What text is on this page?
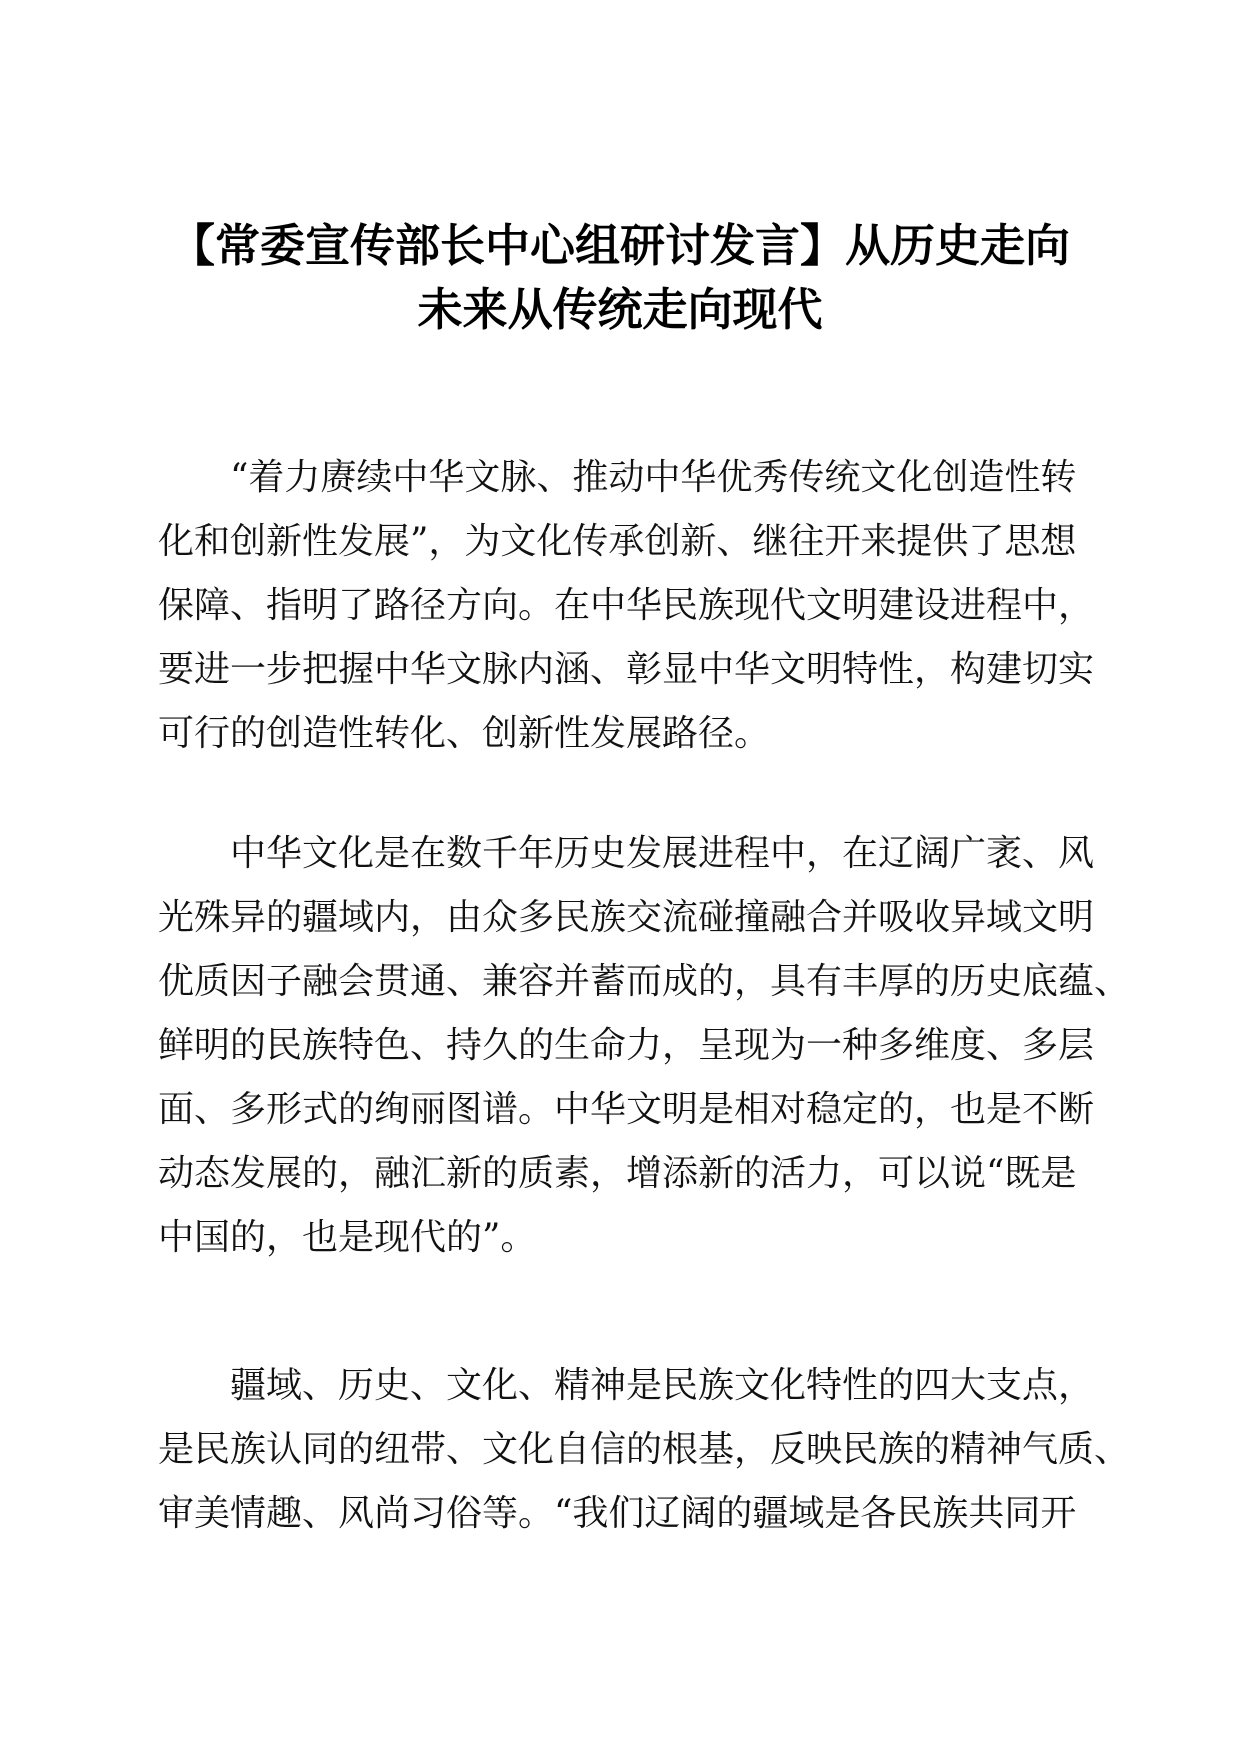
【常委宣传部长中心组研讨发言】从历史走向
未来从传统走向现代

“着力赓续中华文脉、推动中华优秀传统文化创造性转
化和创新性发展”，为文化传承创新、继往开来提供了思想
保障、指明了路径方向。在中华民族现代文明建设进程中，
要进一步把握中华文脉内涵、彰显中华文明特性，构建切实
可行的创造性转化、创新性发展路径。

中华文化是在数千年历史发展进程中，在辽阔广袤、风
光殊异的疆域内，由众多民族交流碰撞融合并吸收异域文明
优质因子融会贯通、兼容并蓄而成的，具有丰厚的历史底蕴、
鲜明的民族特色、持久的生命力，呈现为一种多维度、多层
面、多形式的绚丽图谱。中华文明是相对稳定的，也是不断
动态发展的，融汇新的质素，增添新的活力，可以说“既是
中国的，也是现代的”。

疆域、历史、文化、精神是民族文化特性的四大支点，
是民族认同的纽带、文化自信的根基，反映民族的精神气质、
审美情趣、风尚习俗等。“我们辽阔的疆域是各民族共同开
